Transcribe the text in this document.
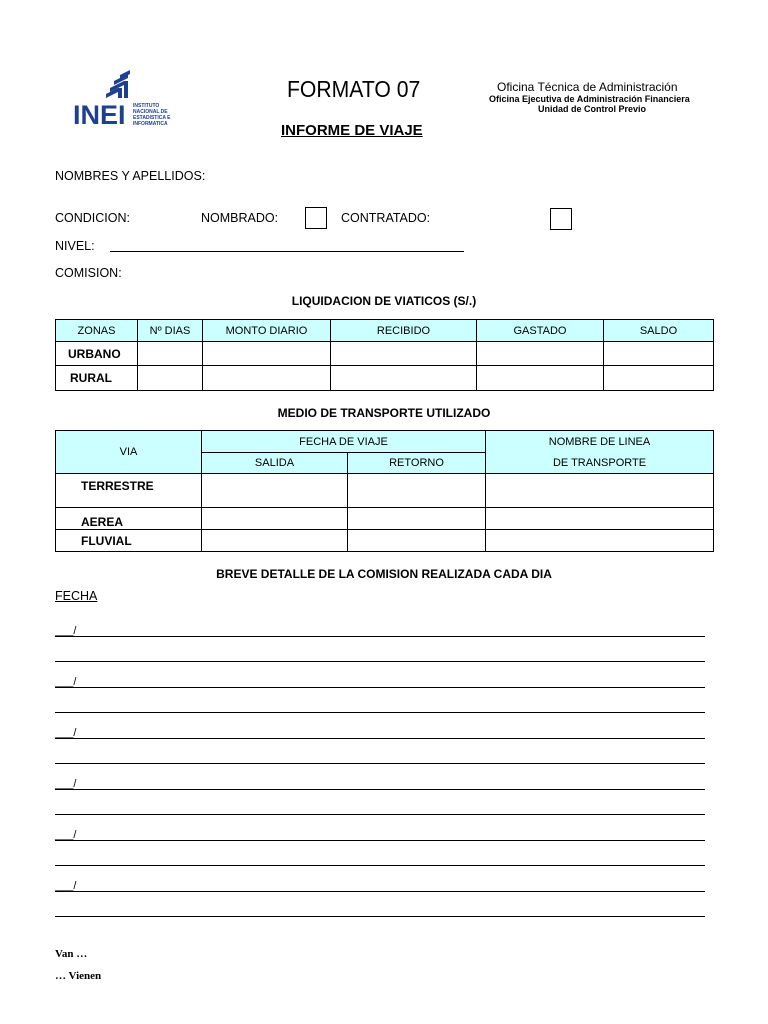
INEI INSTITUTO NACIONAL DE ESTADISTICA E INFORMATICA
FORMATO 07
INFORME DE VIAJE
Oficina Técnica de Administración
Oficina Ejecutiva de Administración Financiera
Unidad de Control Previo
NOMBRES Y APELLIDOS:
CONDICION:	NOMBRADO:	CONTRATADO:
NIVEL:
COMISION:
LIQUIDACION DE VIATICOS (S/.)
ZONAS	Nº DIAS	MONTO DIARIO	RECIBIDO	GASTADO	SALDO
URBANO					
RURAL					
MEDIO DE TRANSPORTE UTILIZADO
VIA	FECHA DE VIAJE		NOMBRE DE LINEA
	SALIDA	RETORNO	DE TRANSPORTE
TERRESTRE			
AEREA			
FLUVIAL			
BREVE DETALLE DE LA COMISION REALIZADA CADA DIA
FECHA
___/
___/
___/
___/
___/
___/
Van …
… Vienen
